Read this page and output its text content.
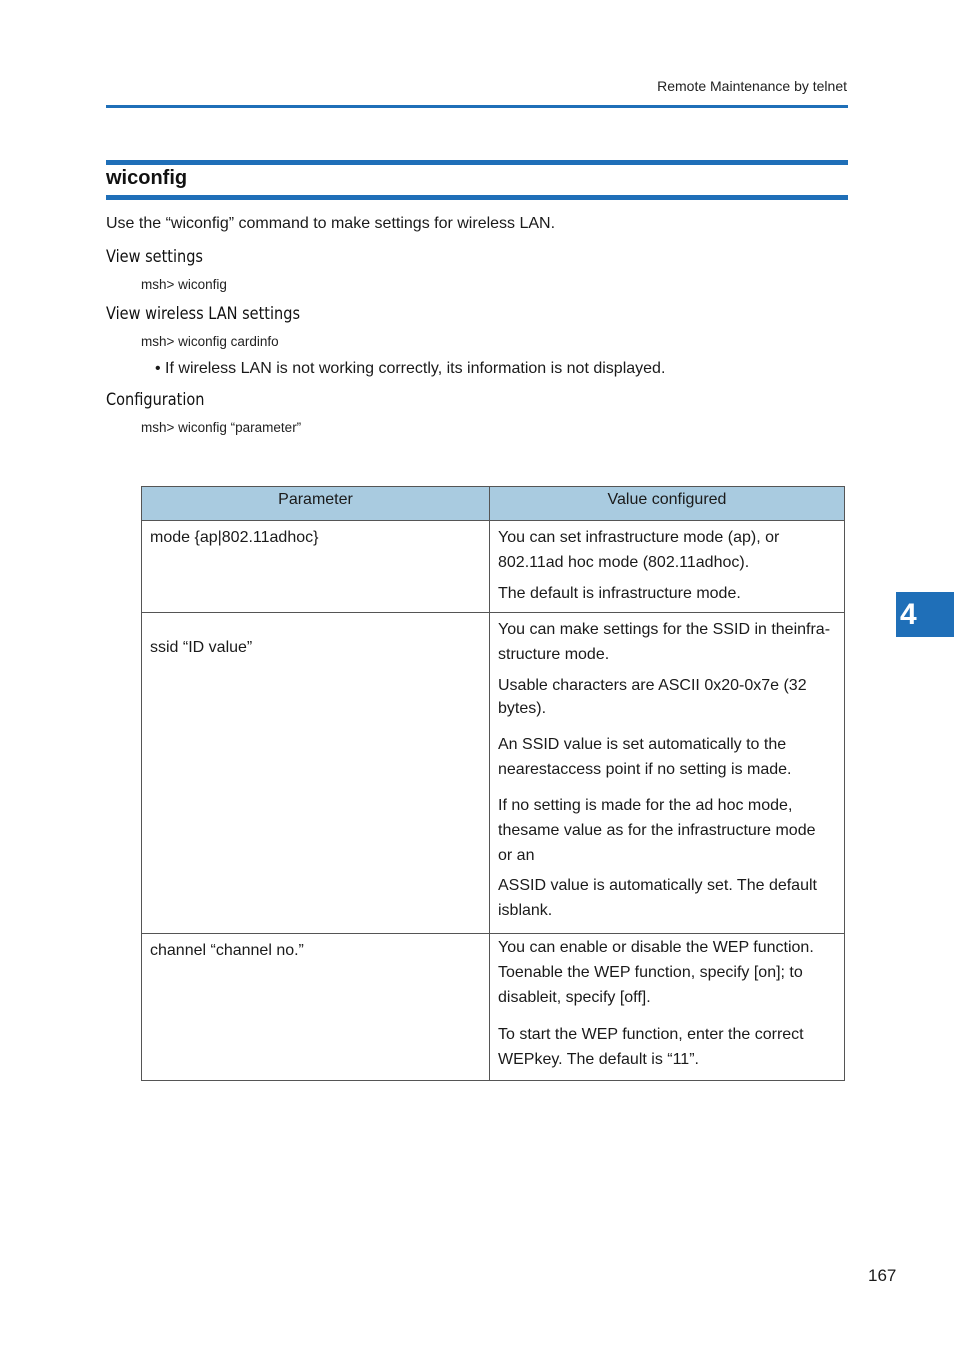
Remote Maintenance by telnet
wiconfig
Use the “wiconfig” command to make settings for wireless LAN.
View settings
msh> wiconfig
View wireless LAN settings
msh> wiconfig cardinfo
• If wireless LAN is not working correctly, its information is not displayed.
Configuration
msh> wiconfig “parameter”
Parameter	Value configured

mode {ap|802.11adhoc}	You can set infrastructure mode (ap), or 802.11ad hoc mode (802.11adhoc).

The default is infrastructure mode.

ssid “ID value”	You can make settings for the SSID in theinfra-structure mode.

Usable characters are ASCII 0x20-0x7e (32 bytes).

An SSID value is set automatically to the nearestaccess point if no setting is made.

If no setting is made for the ad hoc mode, thesame value as for the infrastructure mode or an

ASSID value is automatically set. The default isblank.

channel “channel no.”	You can enable or disable the WEP function. Toenable the WEP function, specify [on]; to disableit, specify [off].

To start the WEP function, enter the correct WEPkey. The default is “11”.

4
167
